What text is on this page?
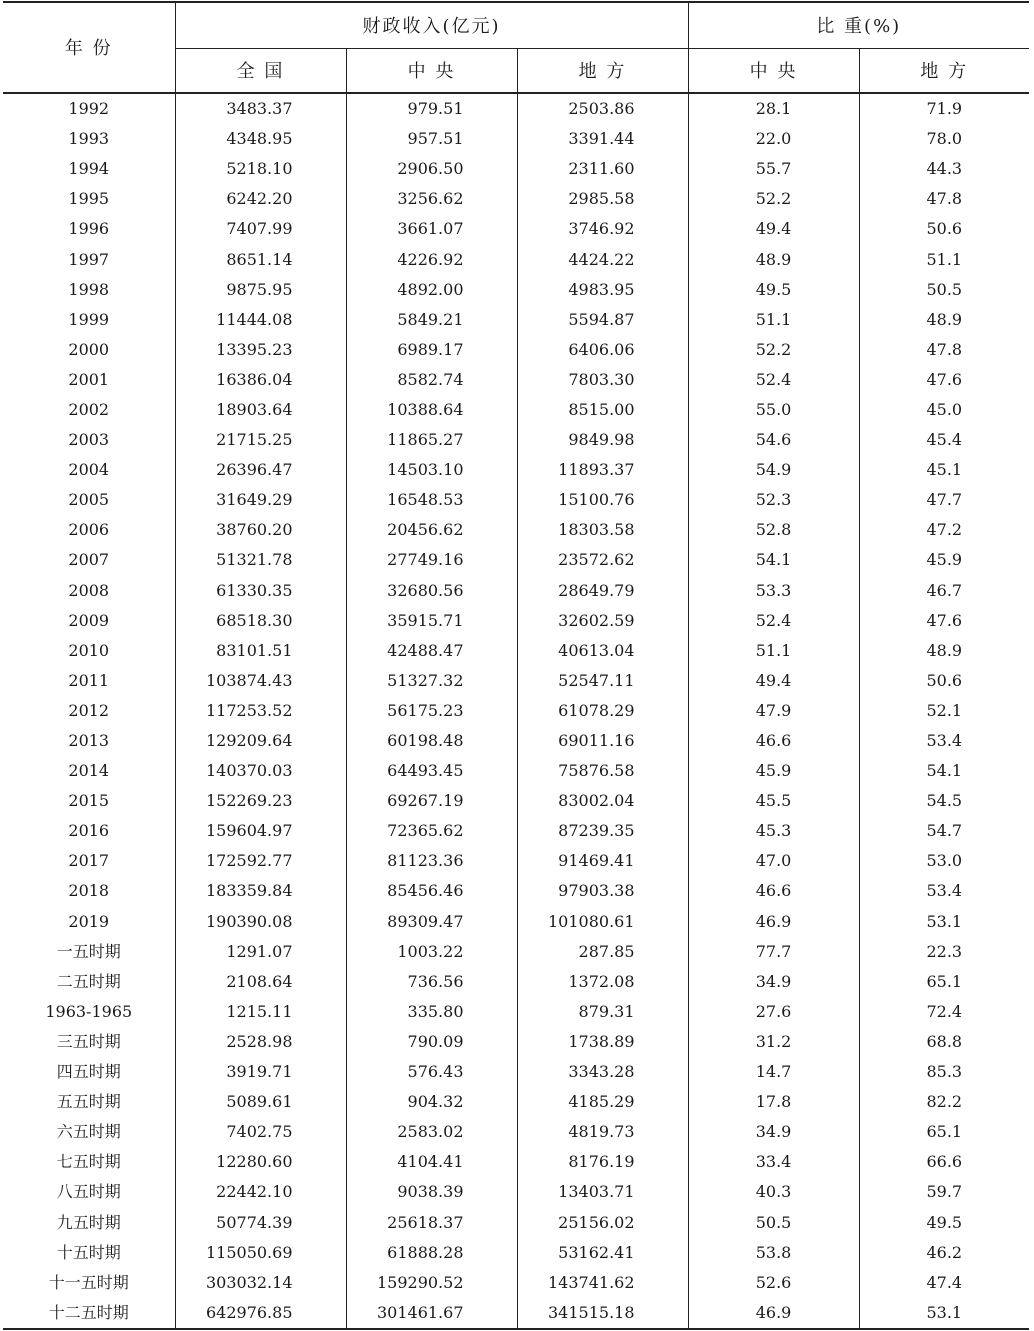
年 份	财政收入(亿元)			比 重(%)	
	全 国	中 央	地 方	中 央	地 方
1992	3483.37	979.51	2503.86	28.1	71.9
1993	4348.95	957.51	3391.44	22.0	78.0
1994	5218.10	2906.50	2311.60	55.7	44.3
1995	6242.20	3256.62	2985.58	52.2	47.8
1996	7407.99	3661.07	3746.92	49.4	50.6
1997	8651.14	4226.92	4424.22	48.9	51.1
1998	9875.95	4892.00	4983.95	49.5	50.5
1999	11444.08	5849.21	5594.87	51.1	48.9
2000	13395.23	6989.17	6406.06	52.2	47.8
2001	16386.04	8582.74	7803.30	52.4	47.6
2002	18903.64	10388.64	8515.00	55.0	45.0
2003	21715.25	11865.27	9849.98	54.6	45.4
2004	26396.47	14503.10	11893.37	54.9	45.1
2005	31649.29	16548.53	15100.76	52.3	47.7
2006	38760.20	20456.62	18303.58	52.8	47.2
2007	51321.78	27749.16	23572.62	54.1	45.9
2008	61330.35	32680.56	28649.79	53.3	46.7
2009	68518.30	35915.71	32602.59	52.4	47.6
2010	83101.51	42488.47	40613.04	51.1	48.9
2011	103874.43	51327.32	52547.11	49.4	50.6
2012	117253.52	56175.23	61078.29	47.9	52.1
2013	129209.64	60198.48	69011.16	46.6	53.4
2014	140370.03	64493.45	75876.58	45.9	54.1
2015	152269.23	69267.19	83002.04	45.5	54.5
2016	159604.97	72365.62	87239.35	45.3	54.7
2017	172592.77	81123.36	91469.41	47.0	53.0
2018	183359.84	85456.46	97903.38	46.6	53.4
2019	190390.08	89309.47	101080.61	46.9	53.1
一五时期	1291.07	1003.22	287.85	77.7	22.3
二五时期	2108.64	736.56	1372.08	34.9	65.1
1963-1965	1215.11	335.80	879.31	27.6	72.4
三五时期	2528.98	790.09	1738.89	31.2	68.8
四五时期	3919.71	576.43	3343.28	14.7	85.3
五五时期	5089.61	904.32	4185.29	17.8	82.2
六五时期	7402.75	2583.02	4819.73	34.9	65.1
七五时期	12280.60	4104.41	8176.19	33.4	66.6
八五时期	22442.10	9038.39	13403.71	40.3	59.7
九五时期	50774.39	25618.37	25156.02	50.5	49.5
十五时期	115050.69	61888.28	53162.41	53.8	46.2
十一五时期	303032.14	159290.52	143741.62	52.6	47.4
十二五时期	642976.85	301461.67	341515.18	46.9	53.1
